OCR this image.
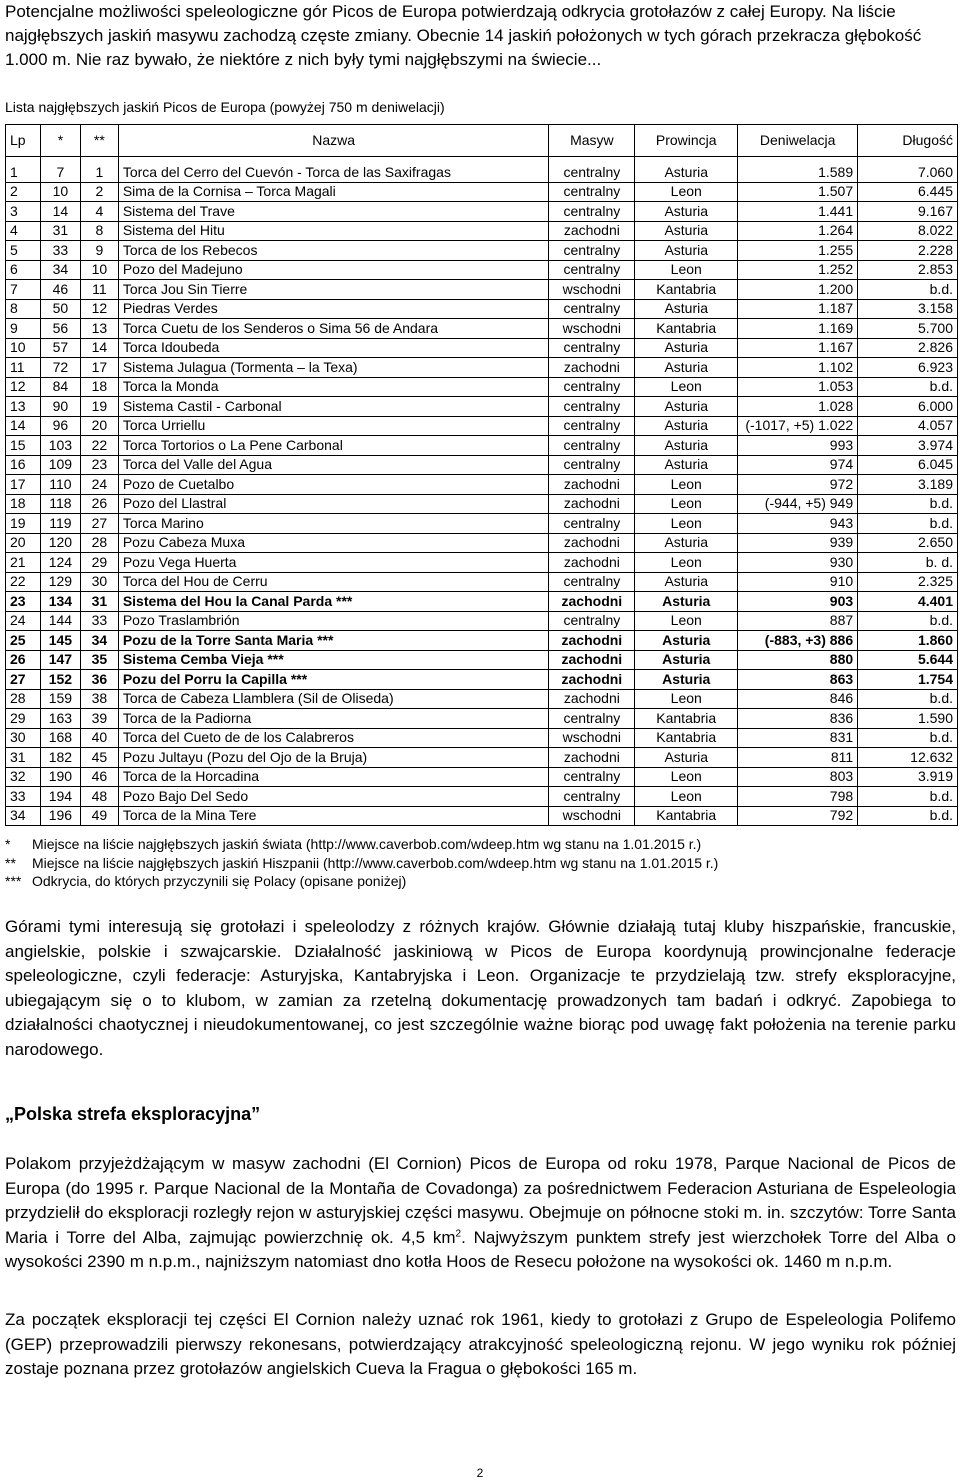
Potencjalne możliwości speleologiczne gór Picos de Europa potwierdzają odkrycia grotołazów z całej Europy. Na liście najgłębszych jaskiń masywu zachodzą częste zmiany. Obecnie 14 jaskiń położonych w tych górach przekracza głębokość 1.000 m. Nie raz bywało, że niektóre z nich były tymi najgłębszymi na świecie...

Lista najgłębszych jaskiń Picos de Europa (powyżej 750 m deniwelacji)

Lp	*	**	Nazwa	Masyw	Prowincja	Deniwelacja	Długość

1	7	1	Torca del Cerro del Cuevón - Torca de las Saxifragas	centralny	Asturia	1.589	7.060
2	10	2	Sima de la Cornisa – Torca Magali	centralny	Leon	1.507	6.445
3	14	4	Sistema del Trave	centralny	Asturia	1.441	9.167
4	31	8	Sistema del Hitu	zachodni	Asturia	1.264	8.022
5	33	9	Torca de los Rebecos	centralny	Asturia	1.255	2.228
6	34	10	Pozo del Madejuno	centralny	Leon	1.252	2.853
7	46	11	Torca Jou Sin Tierre	wschodni	Kantabria	1.200	b.d.
8	50	12	Piedras Verdes	centralny	Asturia	1.187	3.158
9	56	13	Torca Cuetu de los Senderos o Sima 56 de Andara	wschodni	Kantabria	1.169	5.700
10	57	14	Torca Idoubeda	centralny	Asturia	1.167	2.826
11	72	17	Sistema Julagua (Tormenta – la Texa)	zachodni	Asturia	1.102	6.923
12	84	18	Torca la Monda	centralny	Leon	1.053	b.d.
13	90	19	Sistema Castil - Carbonal	centralny	Asturia	1.028	6.000
14	96	20	Torca Urriellu	centralny	Asturia	(-1017, +5) 1.022	4.057
15	103	22	Torca Tortorios o La Pene Carbonal	centralny	Asturia	993	3.974
16	109	23	Torca del Valle del Agua	centralny	Asturia	974	6.045
17	110	24	Pozo de Cuetalbo	zachodni	Leon	972	3.189
18	118	26	Pozo del Llastral	zachodni	Leon	(-944, +5) 949	b.d.
19	119	27	Torca Marino	centralny	Leon	943	b.d.
20	120	28	Pozu Cabeza Muxa	zachodni	Asturia	939	2.650
21	124	29	Pozu Vega Huerta	zachodni	Leon	930	b. d.
22	129	30	Torca del Hou de Cerru	centralny	Asturia	910	2.325
23	134	31	Sistema del Hou la Canal Parda ***	zachodni	Asturia	903	4.401
24	144	33	Pozo Traslambrión	centralny	Leon	887	b.d.
25	145	34	Pozu de la Torre Santa Maria ***	zachodni	Asturia	(-883, +3) 886	1.860
26	147	35	Sistema Cemba Vieja ***	zachodni	Asturia	880	5.644
27	152	36	Pozu del Porru la Capilla ***	zachodni	Asturia	863	1.754
28	159	38	Torca de Cabeza Llamblera (Sil de Oliseda)	zachodni	Leon	846	b.d.
29	163	39	Torca de la Padiorna	centralny	Kantabria	836	1.590
30	168	40	Torca del Cueto de de los Calabreros	wschodni	Kantabria	831	b.d.
31	182	45	Pozu Jultayu (Pozu del Ojo de la Bruja)	zachodni	Asturia	811	12.632
32	190	46	Torca de la Horcadina	centralny	Leon	803	3.919
33	194	48	Pozo Bajo Del Sedo	centralny	Leon	798	b.d.
34	196	49	Torca de la Mina Tere	wschodni	Kantabria	792	b.d.
* Miejsce na liście najgłębszych jaskiń świata (http://www.caverbob.com/wdeep.htm wg stanu na 1.01.2015 r.)
** Miejsce na liście najgłębszych jaskiń Hiszpanii (http://www.caverbob.com/wdeep.htm wg stanu na 1.01.2015 r.)
*** Odkrycia, do których przyczynili się Polacy (opisane poniżej)

Górami tymi interesują się grotołazi i speleolodzy z różnych krajów. Głównie działają tutaj kluby hiszpańskie, francuskie, angielskie, polskie i szwajcarskie. Działalność jaskiniową w Picos de Europa koordynują prowincjonalne federacje speleologiczne, czyli federacje: Asturyjska, Kantabryjska i Leon. Organizacje te przydzielają tzw. strefy eksploracyjne, ubiegającym się o to klubom, w zamian za rzetelną dokumentację prowadzonych tam badań i odkryć. Zapobiega to działalności chaotycznej i nieudokumentowanej, co jest szczególnie ważne biorąc pod uwagę fakt położenia na terenie parku narodowego.

„Polska strefa eksploracyjna”

Polakom przyjeżdżającym w masyw zachodni (El Cornion) Picos de Europa od roku 1978, Parque Nacional de Picos de Europa (do 1995 r. Parque Nacional de la Montaña de Covadonga) za pośrednictwem Federacion Asturiana de Espeleologia przydzielił do eksploracji rozległy rejon w asturyjskiej części masywu. Obejmuje on północne stoki m. in. szczytów: Torre Santa Maria i Torre del Alba, zajmując powierzchnię ok. 4,5 $km^2$. Najwyższym punktem strefy jest wierzchołek Torre del Alba o wysokości 2390 m n.p.m., najniższym natomiast dno kotła Hoos de Resecu położone na wysokości ok. 1460 m n.p.m.

Za początek eksploracji tej części El Cornion należy uznać rok 1961, kiedy to grotołazi z Grupo de Espeleologia Polifemo (GEP) przeprowadzili pierwszy rekonesans, potwierdzający atrakcyjność speleologiczną rejonu. W jego wyniku rok później zostaje poznana przez grotołazów angielskich Cueva la Fragua o głębokości 165 m.

2
